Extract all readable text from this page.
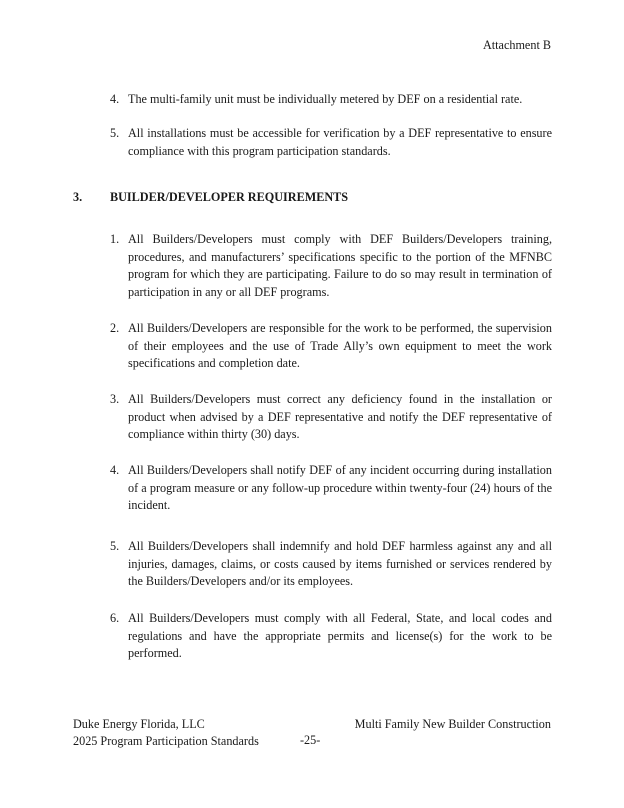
Attachment B
4. The multi-family unit must be individually metered by DEF on a residential rate.
5. All installations must be accessible for verification by a DEF representative to ensure compliance with this program participation standards.
3. BUILDER/DEVELOPER REQUIREMENTS
1. All Builders/Developers must comply with DEF Builders/Developers training, procedures, and manufacturers’ specifications specific to the portion of the MFNBC program for which they are participating. Failure to do so may result in termination of participation in any or all DEF programs.
2. All Builders/Developers are responsible for the work to be performed, the supervision of their employees and the use of Trade Ally’s own equipment to meet the work specifications and completion date.
3. All Builders/Developers must correct any deficiency found in the installation or product when advised by a DEF representative and notify the DEF representative of compliance within thirty (30) days.
4. All Builders/Developers shall notify DEF of any incident occurring during installation of a program measure or any follow-up procedure within twenty-four (24) hours of the incident.
5. All Builders/Developers shall indemnify and hold DEF harmless against any and all injuries, damages, claims, or costs caused by items furnished or services rendered by the Builders/Developers and/or its employees.
6. All Builders/Developers must comply with all Federal, State, and local codes and regulations and have the appropriate permits and license(s) for the work to be performed.
Duke Energy Florida, LLC
2025 Program Participation Standards	-25-
Multi Family New Builder Construction
